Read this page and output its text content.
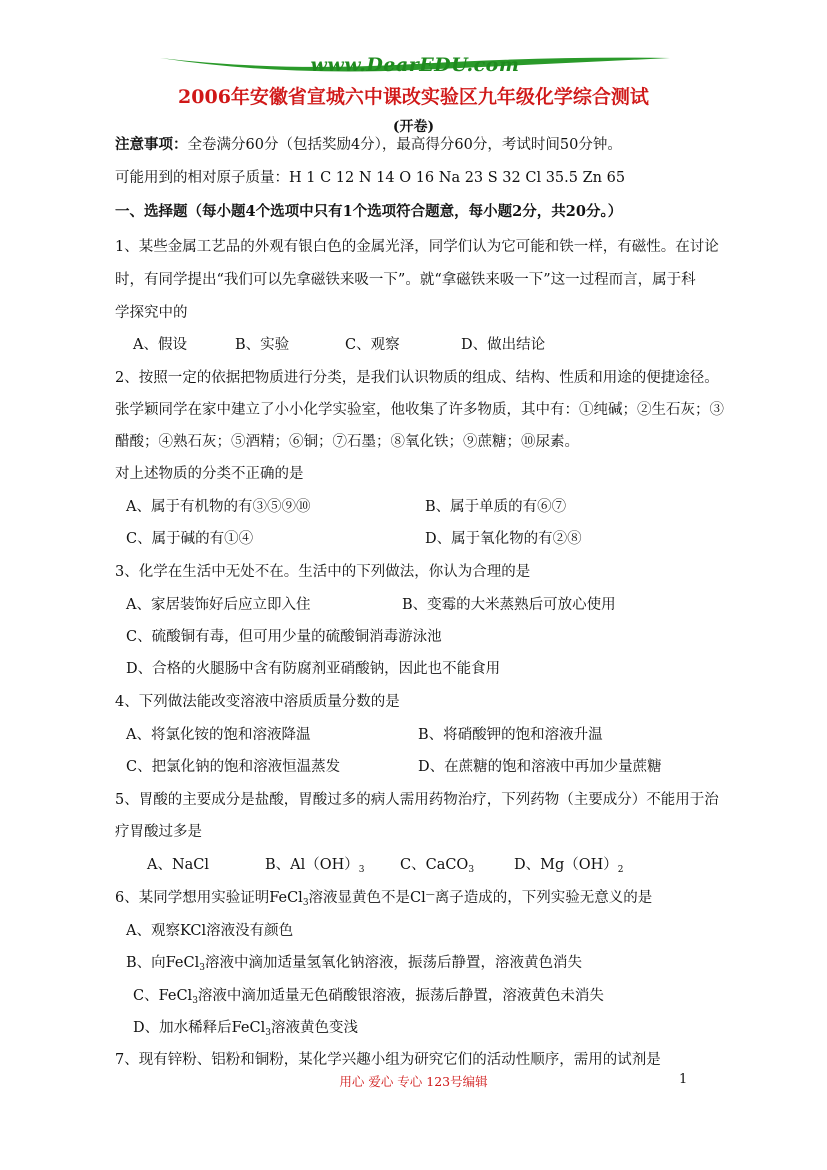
www.DearEDU.com
2006年安徽省宣城六中课改实验区九年级化学综合测试
(开卷)
注意事项：全卷满分60分（包括奖励4分），最高得分60分，考试时间50分钟。
可能用到的相对原子质量：H 1 C 12 N 14 O 16 Na 23 S 32 Cl 35.5 Zn 65
一、选择题（每小题4个选项中只有1个选项符合题意，每小题2分，共20分。）
1、某些金属工艺品的外观有银白色的金属光泽，同学们认为它可能和铁一样，有磁性。在讨论
时，有同学提出“我们可以先拿磁铁来吸一下”。就“拿磁铁来吸一下”这一过程而言，属于科
学探究中的
A、假设	B、实验	C、观察	D、做出结论
2、按照一定的依据把物质进行分类，是我们认识物质的组成、结构、性质和用途的便捷途径。
张学颖同学在家中建立了小小化学实验室，他收集了许多物质，其中有：①纯碱；②生石灰；③
醋酸；④熟石灰；⑤酒精；⑥铜；⑦石墨；⑧氧化铁；⑨蔗糖；⑩尿素。
对上述物质的分类不正确的是
A、属于有机物的有③⑤⑨⑩	B、属于单质的有⑥⑦
C、属于碱的有①④	D、属于氧化物的有②⑧
3、化学在生活中无处不在。生活中的下列做法，你认为合理的是
A、家居装饰好后应立即入住	B、变霉的大米蒸熟后可放心使用
C、硫酸铜有毒，但可用少量的硫酸铜消毒游泳池
D、合格的火腿肠中含有防腐剂亚硝酸钠，因此也不能食用
4、下列做法能改变溶液中溶质质量分数的是
A、将氯化铵的饱和溶液降温	B、将硝酸钾的饱和溶液升温
C、把氯化钠的饱和溶液恒温蒸发	D、在蔗糖的饱和溶液中再加少量蔗糖
5、胃酸的主要成分是盐酸，胃酸过多的病人需用药物治疗，下列药物（主要成分）不能用于治
疗胃酸过多是
A、NaCl	B、$Al(OH)_3$ C、CaCO$_3$	D、$Mg(OH)_2$
6、某同学想用实验证明FeCl$_3$溶液显黄色不是Cl—离子造成的，下列实验无意义的是
A、观察KCl溶液没有颜色
B、向FeCl$_3$溶液中滴加适量氢氧化钠溶液，振荡后静置，溶液黄色消失
C、FeCl$_3$溶液中滴加适量无色硝酸银溶液，振荡后静置，溶液黄色未消失
D、加水稀释后FeCl$_3$溶液黄色变浅
7、现有锌粉、铝粉和铜粉，某化学兴趣小组为研究它们的活动性顺序，需用的试剂是
用心 爱心 专心 123号编辑	1
